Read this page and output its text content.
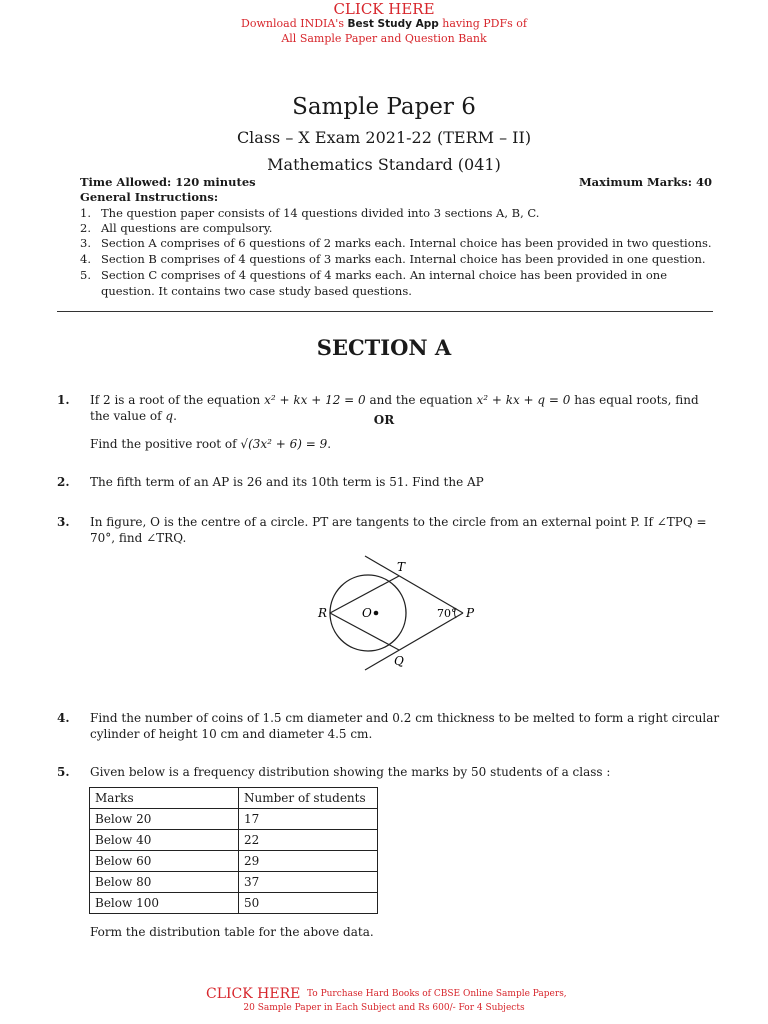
CLICK HERE
Download INDIA's Best Study App having PDFs of
All Sample Paper and Question Bank
Sample Paper 6
Class – X Exam 2021-22 (TERM – II)
Mathematics Standard (041)
Time Allowed: 120 minutes	Maximum Marks: 40
General Instructions:
1. The question paper consists of 14 questions divided into 3 sections A, B, C.
2. All questions are compulsory.
3. Section A comprises of 6 questions of 2 marks each. Internal choice has been provided in two questions.
4. Section B comprises of 4 questions of 3 marks each. Internal choice has been provided in one question.
5. Section C comprises of 4 questions of 4 marks each. An internal choice has been provided in one question. It contains two case study based questions.
SECTION A
1. If 2 is a root of the equation x² + kx + 12 = 0 and the equation x² + kx + q = 0 has equal roots, find the value of q.	OR
Find the positive root of √(3x² + 6) = 9.
2. The fifth term of an AP is 26 and its 10th term is 51. Find the AP
3. In figure, O is the centre of a circle. PT are tangents to the circle from an external point P. If ∠TPQ = 70°, find ∠TRQ.
T
R	O	P
Q
70°
4. Find the number of coins of 1.5 cm diameter and 0.2 cm thickness to be melted to form a right circular cylinder of height 10 cm and diameter 4.5 cm.
5. Given below is a frequency distribution showing the marks by 50 students of a class :
Marks	Number of students
Below 20	17
Below 40	22
Below 60	29
Below 80	37
Below 100	50
Form the distribution table for the above data.
CLICK HERE To Purchase Hard Books of CBSE Online Sample Papers,
20 Sample Paper in Each Subject and Rs 600/- For 4 Subjects
